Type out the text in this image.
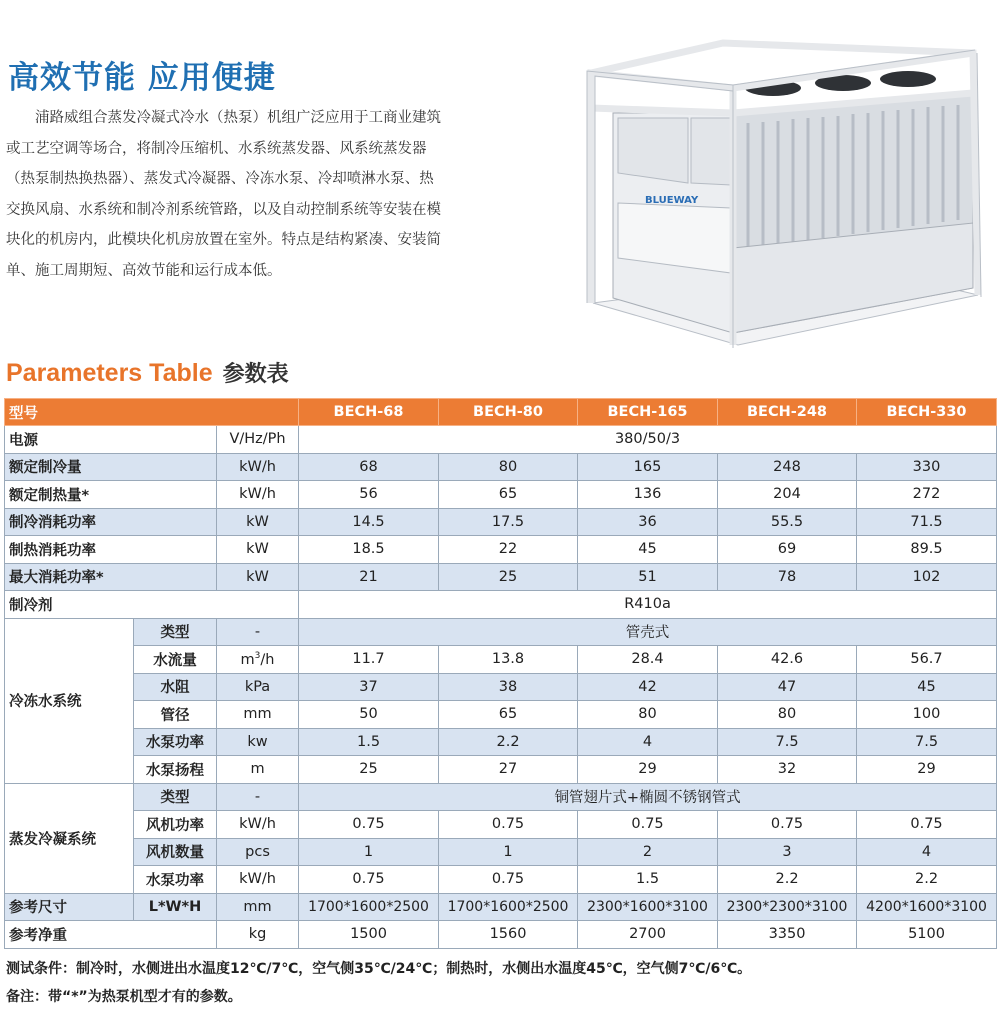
高效节能 应用便捷
浦路威组合蒸发冷凝式冷水（热泵）机组广泛应用于工商业建筑
或工艺空调等场合，将制冷压缩机、水系统蒸发器、风系统蒸发器
（热泵制热换热器）、蒸发式冷凝器、冷冻水泵、冷却喷淋水泵、热
交换风扇、水系统和制冷剂系统管路，以及自动控制系统等安装在模
块化的机房内，此模块化机房放置在室外。特点是结构紧凑、安装简
单、施工周期短、高效节能和运行成本低。
BLUEWAY
Parameters Table 参数表
型号			BECH-68	BECH-80	BECH-165	BECH-248	BECH-330
电源		V/Hz/Ph	380/50/3				
额定制冷量		kW/h	68	80	165	248	330
额定制热量*		kW/h	56	65	136	204	272
制冷消耗功率		kW	14.5	17.5	36	55.5	71.5
制热消耗功率		kW	18.5	22	45	69	89.5
最大消耗功率*		kW	21	25	51	78	102
制冷剂			R410a				
冷冻水系统	类型	-	管壳式				
	水流量	$m^3/h$	11.7	13.8	28.4	42.6	56.7
	水阻	kPa	37	38	42	47	45
	管径	mm	50	65	80	80	100
	水泵功率	kw	1.5	2.2	4	7.5	7.5
	水泵扬程	m	25	27	29	32	29
蒸发冷凝系统	类型	-	铜管翅片式+椭圆不锈钢管式				
	风机功率	kW/h	0.75	0.75	0.75	0.75	0.75
	风机数量	pcs	1	1	2	3	4
	水泵功率	kW/h	0.75	0.75	1.5	2.2	2.2
参考尺寸	L*W*H	mm	1700*1600*2500	1700*1600*2500	2300*1600*3100	2300*2300*3100	4200*1600*3100
参考净重		kg	1500	1560	2700	3350	5100
测试条件：制冷时，水侧进出水温度12℃/7℃，空气侧35℃/24℃；制热时，水侧出水温度45℃，空气侧7℃/6℃。
备注：带“*”为热泵机型才有的参数。
